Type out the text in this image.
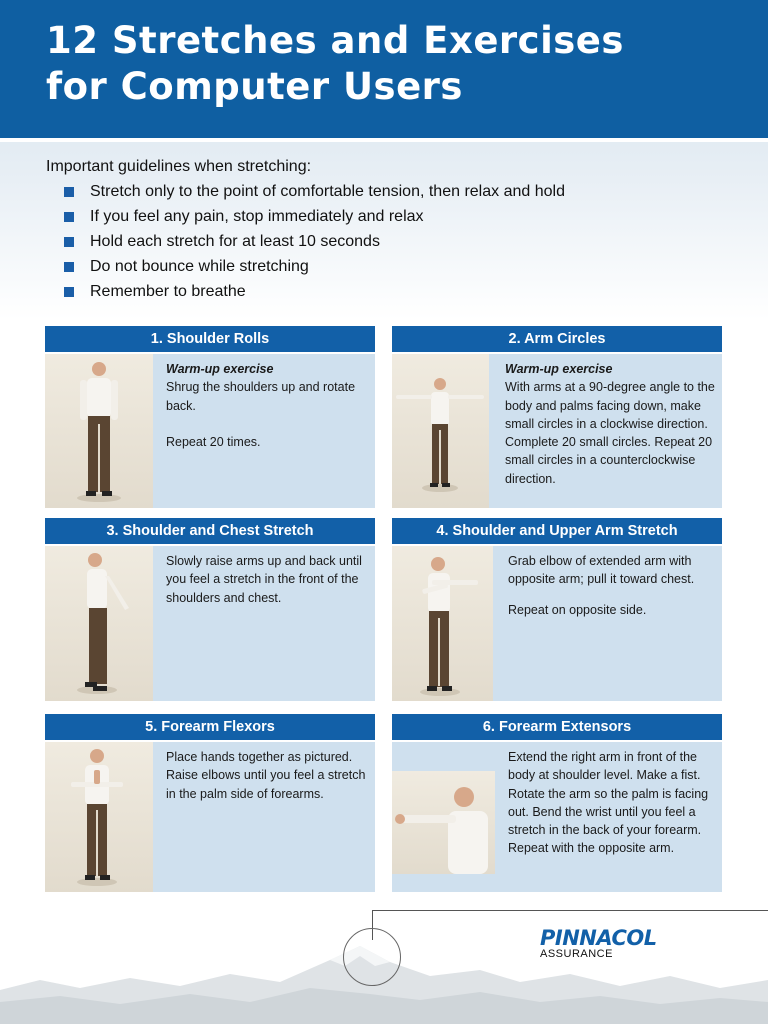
12 Stretches and Exercises
for Computer Users

Important guidelines when stretching:

Stretch only to the point of comfortable tension, then relax and hold
If you feel any pain, stop immediately and relax
Hold each stretch for at least 10 seconds
Do not bounce while stretching
Remember to breathe
1. Shoulder Rolls
Warm-up exercise

Shrug the shoulders up and rotate back.

Repeat 20 times.

2. Arm Circles
Warm-up exercise

With arms at a 90-degree angle to the body and palms facing down, make small circles in a clockwise direction. Complete 20 small circles. Repeat 20 small circles in a counterclockwise direction.

3. Shoulder and Chest Stretch

Slowly raise arms up and back until you feel a stretch in the front of the shoulders and chest.

4. Shoulder and Upper Arm Stretch

Grab elbow of extended arm with opposite arm; pull it toward chest.

Repeat on opposite side.

5. Forearm Flexors

Place hands together as pictured. Raise elbows until you feel a stretch in the palm side of forearms.

6. Forearm Extensors

Extend the right arm in front of the body at shoulder level. Make a fist. Rotate the arm so the palm is facing out. Bend the wrist until you feel a stretch in the back of your forearm. Repeat with the opposite arm.

PINNACOL
ASSURANCE
